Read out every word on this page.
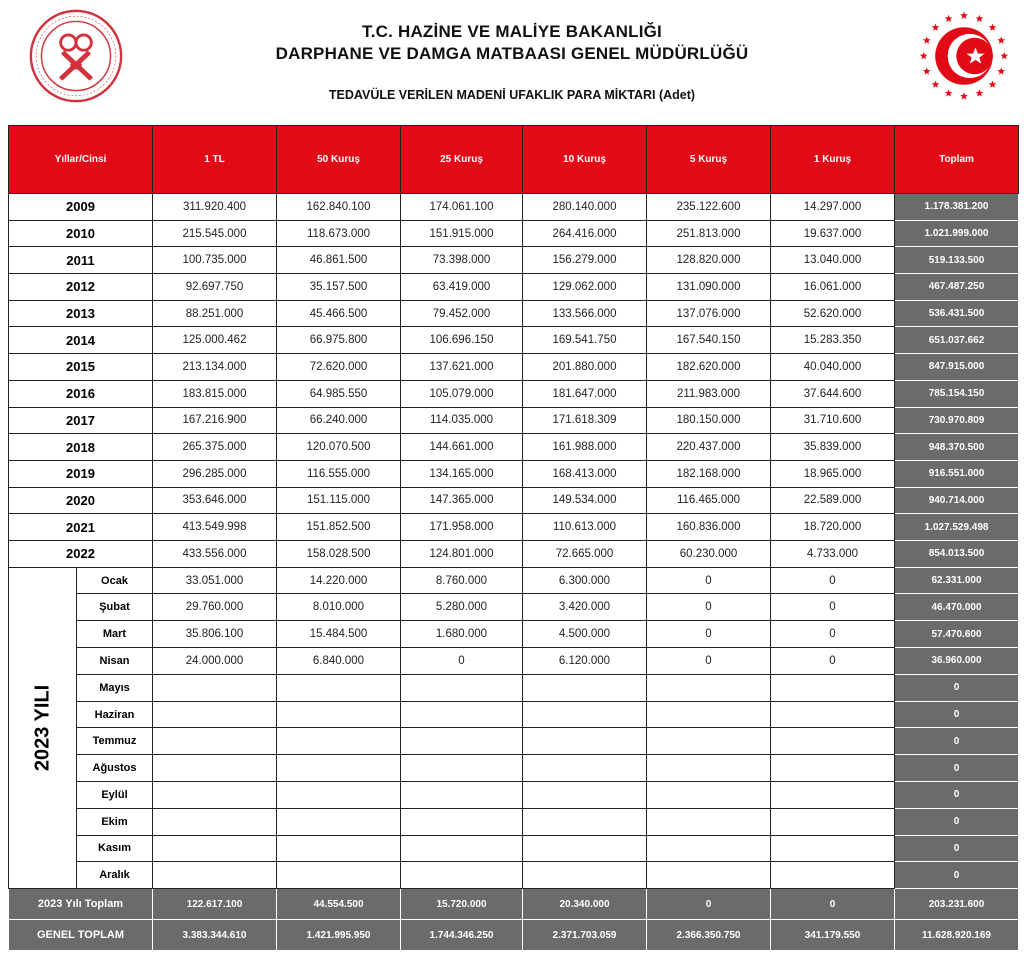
T.C. HAZİNE VE MALİYE BAKANLIĞI
DARPHANE VE DAMGA MATBAASI GENEL MÜDÜRLÜĞÜ
TEDAVÜLE VERİLEN MADENİ UFAKLIK PARA MİKTARI (Adet)
Yıllar/Cinsi		1 TL	50 Kuruş	25 Kuruş	10 Kuruş	5 Kuruş	1 Kuruş	Toplam
2009		311.920.400	162.840.100	174.061.100	280.140.000	235.122.600	14.297.000	1.178.381.200
2010		215.545.000	118.673.000	151.915.000	264.416.000	251.813.000	19.637.000	1.021.999.000
2011		100.735.000	46.861.500	73.398.000	156.279.000	128.820.000	13.040.000	519.133.500
2012		92.697.750	35.157.500	63.419.000	129.062.000	131.090.000	16.061.000	467.487.250
2013		88.251.000	45.466.500	79.452.000	133.566.000	137.076.000	52.620.000	536.431.500
2014		125.000.462	66.975.800	106.696.150	169.541.750	167.540.150	15.283.350	651.037.662
2015		213.134.000	72.620.000	137.621.000	201.880.000	182.620.000	40.040.000	847.915.000
2016		183.815.000	64.985.550	105.079.000	181.647.000	211.983.000	37.644.600	785.154.150
2017		167.216.900	66.240.000	114.035.000	171.618.309	180.150.000	31.710.600	730.970.809
2018		265.375.000	120.070.500	144.661.000	161.988.000	220.437.000	35.839.000	948.370.500
2019		296.285.000	116.555.000	134.165.000	168.413.000	182.168.000	18.965.000	916.551.000
2020		353.646.000	151.115.000	147.365.000	149.534.000	116.465.000	22.589.000	940.714.000
2021		413.549.998	151.852.500	171.958.000	110.613.000	160.836.000	18.720.000	1.027.529.498
2022		433.556.000	158.028.500	124.801.000	72.665.000	60.230.000	4.733.000	854.013.500

2023 YILI	Ocak	33.051.000	14.220.000	8.760.000	6.300.000	0	0	62.331.000
	Şubat	29.760.000	8.010.000	5.280.000	3.420.000	0	0	46.470.000
	Mart	35.806.100	15.484.500	1.680.000	4.500.000	0	0	57.470.600
	Nisan	24.000.000	6.840.000	0	6.120.000	0	0	36.960.000
	Mayıs							0
	Haziran							0
	Temmuz							0
	Ağustos							0
	Eylül							0
	Ekim							0
	Kasım							0
	Aralık							0
2023 Yılı Toplam		122.617.100	44.554.500	15.720.000	20.340.000	0	0	203.231.600
GENEL TOPLAM		3.383.344.610	1.421.995.950	1.744.346.250	2.371.703.059	2.366.350.750	341.179.550	11.628.920.169
